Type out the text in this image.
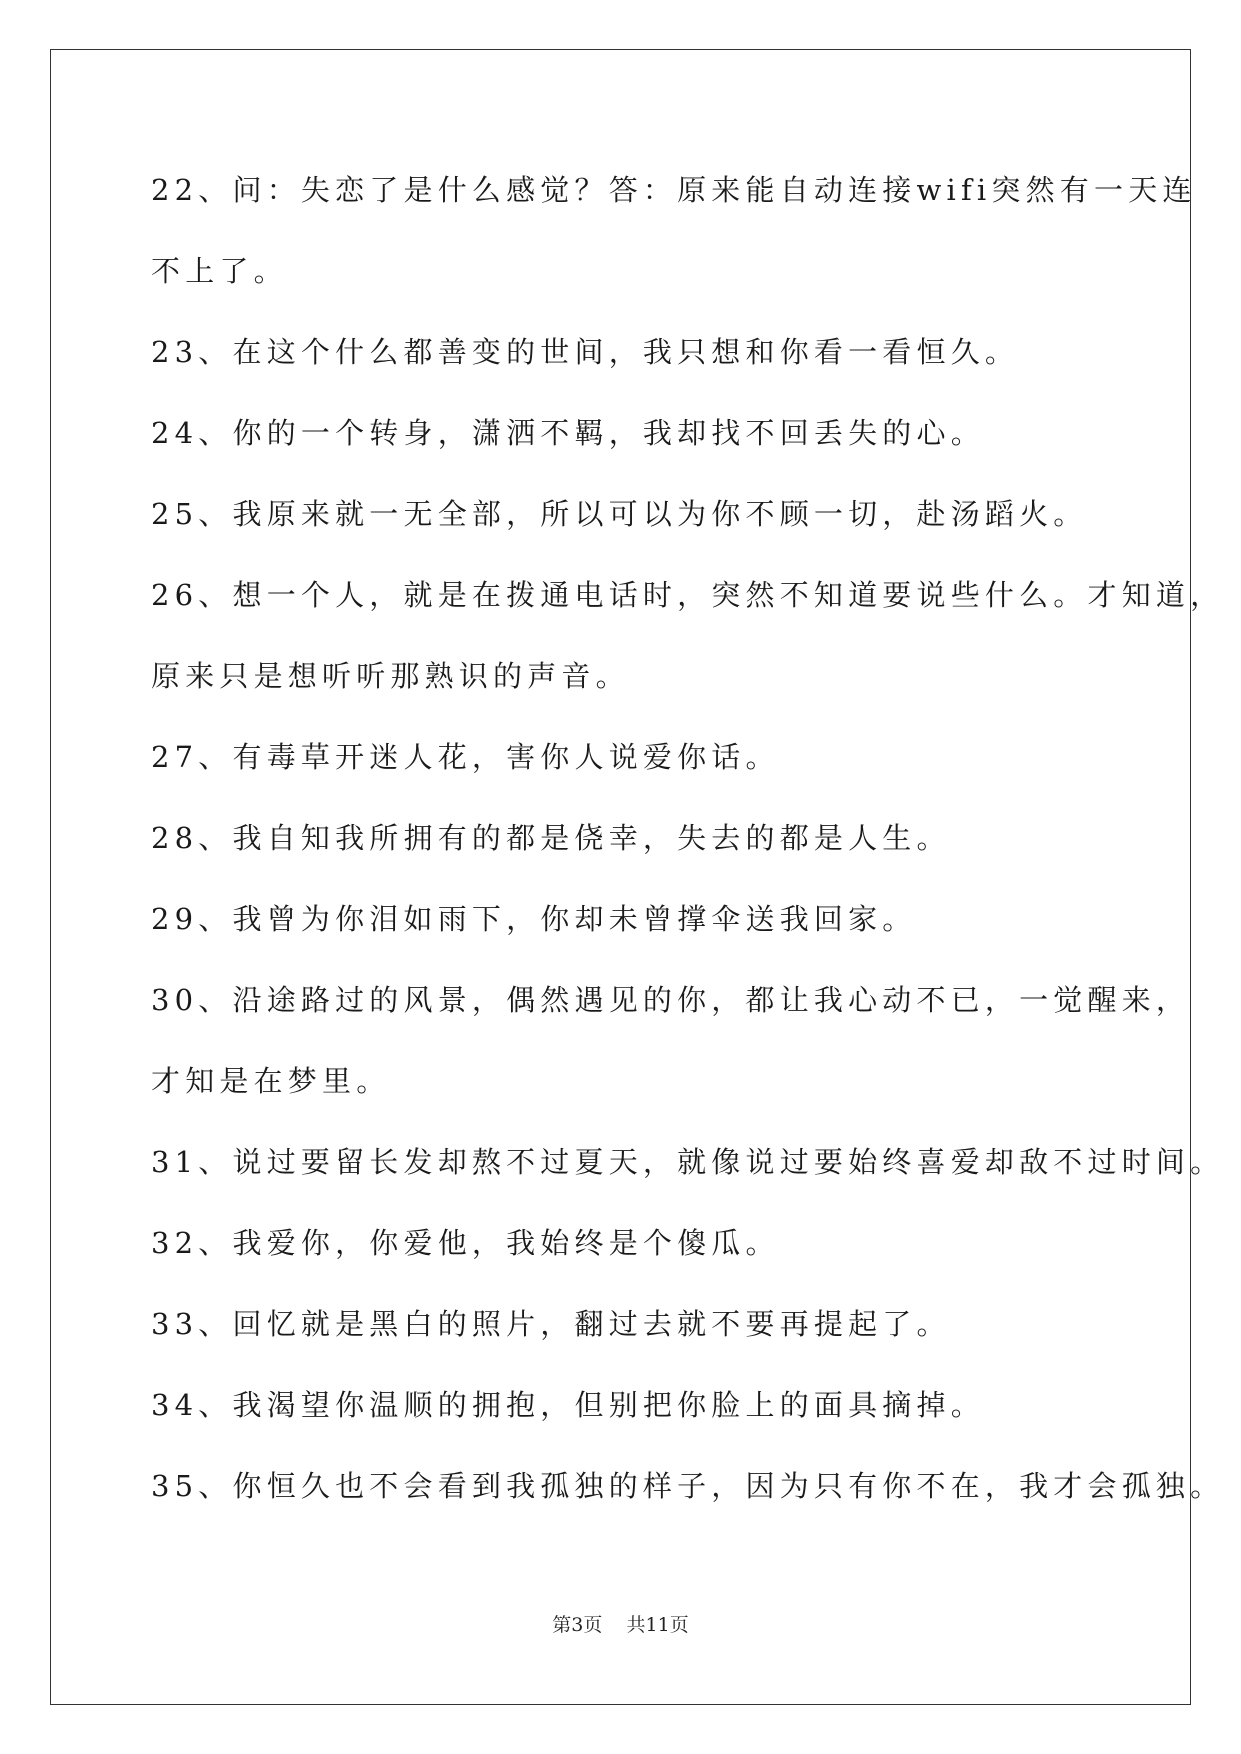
22、问：失恋了是什么感觉？答：原来能自动连接wifi突然有一天连
不上了。
23、在这个什么都善变的世间，我只想和你看一看恒久。
24、你的一个转身，潇洒不羁，我却找不回丢失的心。
25、我原来就一无全部，所以可以为你不顾一切，赴汤蹈火。
26、想一个人，就是在拨通电话时，突然不知道要说些什么。才知道，
原来只是想听听那熟识的声音。
27、有毒草开迷人花，害你人说爱你话。
28、我自知我所拥有的都是侥幸，失去的都是人生。
29、我曾为你泪如雨下，你却未曾撑伞送我回家。
30、沿途路过的风景，偶然遇见的你，都让我心动不已，一觉醒来，
才知是在梦里。
31、说过要留长发却熬不过夏天，就像说过要始终喜爱却敌不过时间。
32、我爱你，你爱他，我始终是个傻瓜。
33、回忆就是黑白的照片，翻过去就不要再提起了。
34、我渴望你温顺的拥抱，但别把你脸上的面具摘掉。
35、你恒久也不会看到我孤独的样子，因为只有你不在，我才会孤独。
第3页 共11页
